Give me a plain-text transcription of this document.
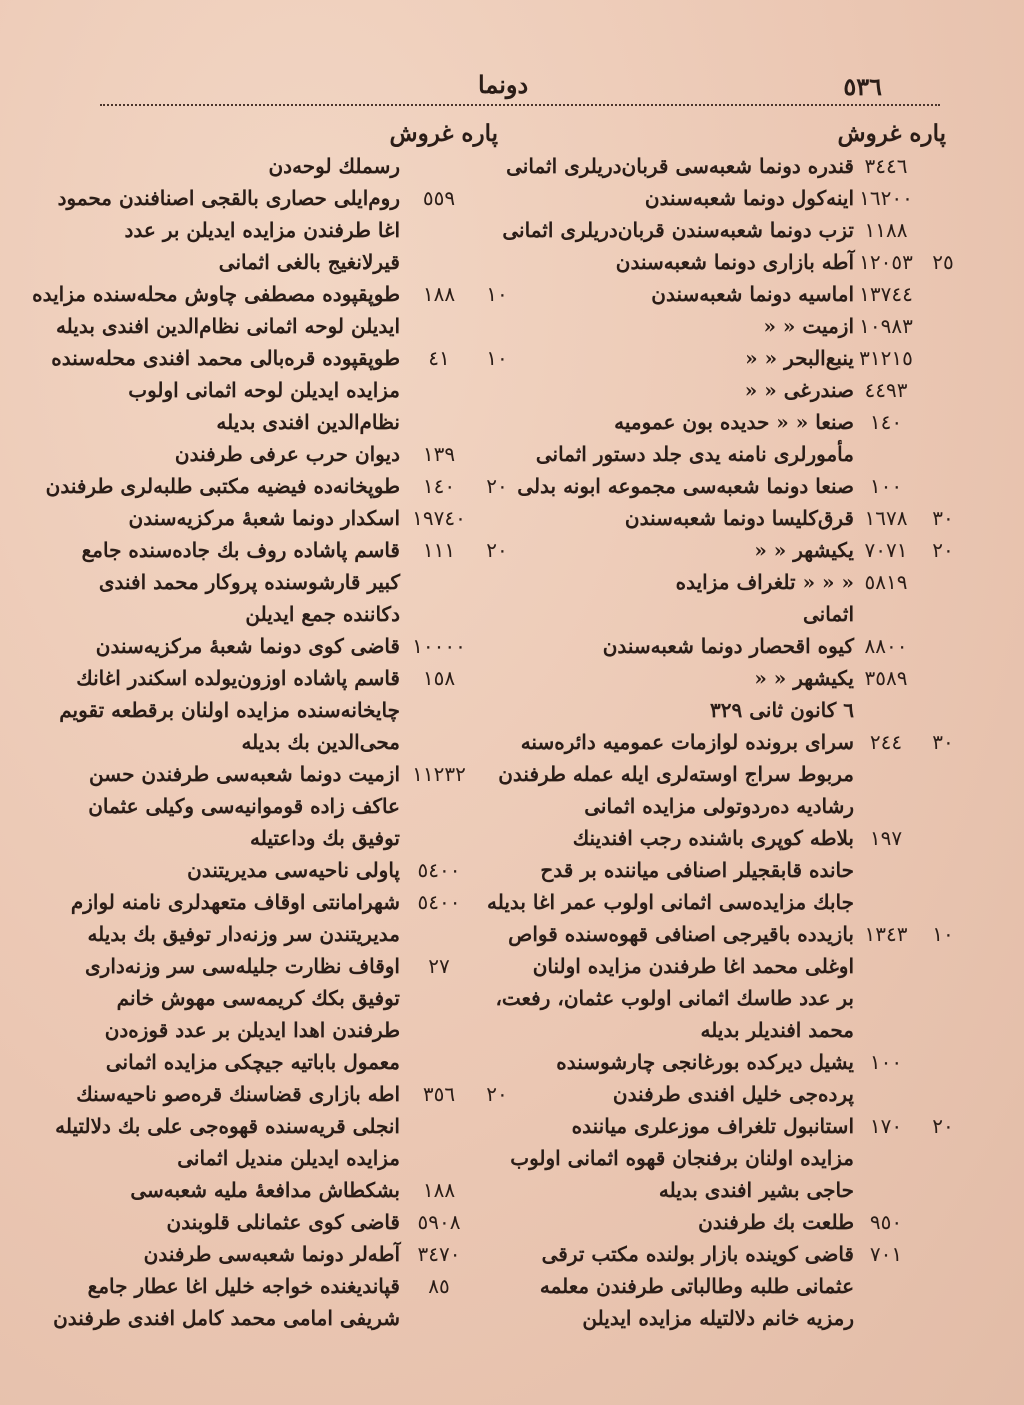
٥٣٦
دونما
پاره غروش
پاره غروش
٣٤٤٦
قندره دونما شعبه‌سی قربان‌دریلری اثمانی
١٦٢٠٠
اینه‌کول دونما شعبه‌سندن
١١٨٨
تزب دونما شعبه‌سندن قربان‌دریلری اثمانی
٢٥
١٢٠٥٣
آطه بازاری دونما شعبه‌سندن
١٣٧٤٤
اماسیه دونما شعبه‌سندن
١٠٩٨٣
ازمیت « «
٣١٢١٥
ینبع‌البحر « «
٤٤٩٣
صندرغی « «
١٤٠
صنعا « « حدیده بون عمومیه
مأمورلری نامنه یدی جلد دستور اثمانی
١٠٠
صنعا دونما شعبه‌سی مجموعه ابونه بدلی
٣٠
١٦٧٨
قرق‌کلیسا دونما شعبه‌سندن
٢٠
٧٠٧١
یکیشهر « «
٥٨١٩
« « « تلغراف مزایده
اثمانی
٨٨٠٠
کیوه اقحصار دونما شعبه‌سندن
٣٥٨٩
یکیشهر « «
٦ کانون ثانی ٣٢٩
٣٠
٢٤٤
سرای برونده لوازمات عمومیه دائره‌سنه
مربوط سراج اوسته‌لری ایله عمله طرفندن
رشادیه ده‌ردوتولی مزایده اثمانی
١٩٧
بلاطه کوپری باشنده رجب افندینك
حانده قابقجیلر اصنافی میاننده بر قدح
جابك مزایده‌سی اثمانی اولوب عمر اغا بدیله
١٠
١٣٤٣
بازیدده باقیرجی اصنافی قهوه‌سنده قواص
اوغلی محمد اغا طرفندن مزایده اولنان
بر عدد طاسك اثمانی اولوب عثمان، رفعت،
محمد افندیلر بدیله
١٠٠
یشیل دیرکده بورغانجی چارشوسنده
پرده‌جی خلیل افندی طرفندن
٢٠
١٧٠
استانبول تلغراف موزعلری میاننده
مزایده اولنان برفنجان قهوه اثمانی اولوب
حاجی بشیر افندی بدیله
٩٥٠
طلعت بك طرفندن
٧٠١
قاضی کوینده بازار بولنده مکتب ترقی
عثمانی طلبه وطالباتی طرفندن معلمه
رمزیه خانم دلالتیله مزایده ایدیلن
رسملك لوحه‌دن
٥٥٩
روم‌ایلی حصاری بالقجی اصنافندن محمود
اغا طرفندن مزایده ایدیلن بر عدد
قیرلانغیج بالغی اثمانی
١٠
١٨٨
طوپقپوده مصطفی چاوش محله‌سنده مزایده
ایدیلن لوحه اثمانی نظام‌الدین افندی بدیله
١٠
٤١
طوپقپوده قره‌بالی محمد افندی محله‌سنده
مزایده ایدیلن لوحه اثمانی اولوب
نظام‌الدین افندی بدیله
١٣٩
دیوان حرب عرفی طرفندن
٢٠
١٤٠
طوپخانه‌ده فیضیه مکتبی طلبه‌لری طرفندن
١٩٧٤٠
اسکدار دونما شعبهٔ مرکزیه‌سندن
٢٠
١١١
قاسم پاشاده روف بك جاده‌سنده جامع
کبیر قارشوسنده پروکار محمد افندی
دکاننده جمع ایدیلن
١٠٠٠٠
قاضی کوی دونما شعبهٔ مرکزیه‌سندن
١٥٨
قاسم پاشاده اوزون‌یولده اسکندر اغانك
چایخانه‌سنده مزایده اولنان برقطعه تقویم
محی‌الدین بك بدیله
١١٢٣٢
ازمیت دونما شعبه‌سی طرفندن حسن
عاکف زاده قوموانیه‌سی وکیلی عثمان
توفیق بك وداعتیله
٥٤٠٠
پاولی ناحیه‌سی مدیریتندن
٥٤٠٠
شهرامانتی اوقاف متعهدلری نامنه لوازم
مدیریتندن سر وزنه‌دار توفیق بك بدیله
٢٧
اوقاف نظارت جلیله‌سی سر وزنه‌داری
توفیق بکك کریمه‌سی مهوش خانم
طرفندن اهدا ایدیلن بر عدد قوزه‌دن
معمول باباتیه جیچکی مزایده اثمانی
٢٠
٣٥٦
اطه بازاری قضاسنك قره‌صو ناحیه‌سنك
انجلی قریه‌سنده قهوه‌جی علی بك دلالتیله
مزایده ایدیلن مندیل اثمانی
١٨٨
بشکطاش مدافعهٔ ملیه شعبه‌سی
٥٩٠٨
قاضی کوی عثمانلی قلوبندن
٣٤٧٠
آطه‌لر دونما شعبه‌سی طرفندن
٨٥
قپاندیغنده خواجه خلیل اغا عطار جامع
شریفی امامی محمد کامل افندی طرفندن
